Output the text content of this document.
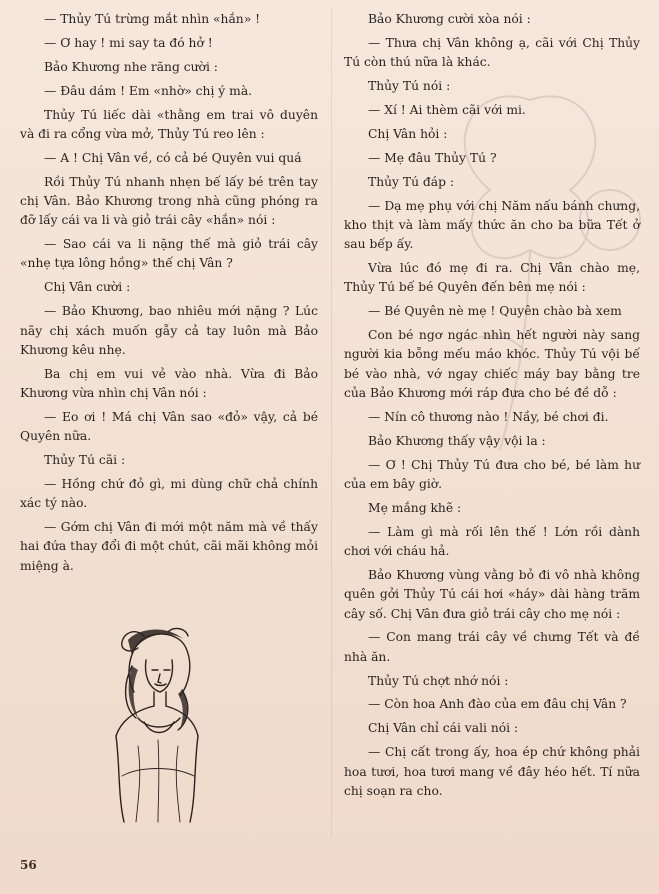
— Thủy Tú trừng mắt nhìn «hắn» !

— Ơ hay ! mi say ta đó hở !

Bảo Khương nhe răng cười :

— Đâu dám ! Em «nhờ» chị ý mà.

Thủy Tú liếc dài «thằng em trai vô duyên và đi ra cổng vừa mở, Thủy Tú reo lên :

— A ! Chị Vân về, có cả bé Quyên vui quá

Rồi Thủy Tú nhanh nhẹn bế lấy bé trên tay chị Vân. Bảo Khương trong nhà cũng phóng ra đỡ lấy cái va li và giỏ trái cây «hắn» nói :

— Sao cái va li nặng thế mà giỏ trái cây «nhẹ tựa lông hồng» thế chị Vân ?

Chị Vân cười :

— Bảo Khương, bao nhiêu mới nặng ? Lúc nãy chị xách muốn gẫy cả tay luôn mà Bảo Khương kêu nhẹ.

Ba chị em vui vẻ vào nhà. Vừa đi Bảo Khương vừa nhìn chị Vân nói :

— Eo ơi ! Má chị Vân sao «đỏ» vậy, cả bé Quyên nữa.

Thủy Tú cãi :

— Hồng chứ đỏ gì, mi dùng chữ chả chính xác tý nào.

— Gớm chị Vân đi mới một năm mà về thấy hai đứa thay đổi đi một chút, cãi mãi không mỏi miệng à.

Bảo Khương cười xòa nói :

— Thưa chị Vân không ạ, cãi với Chị Thủy Tú còn thú nữa là khác.

Thủy Tú nói :

— Xí ! Ai thèm cãi với mi.

Chị Vân hỏi :

— Mẹ đâu Thủy Tú ?

Thủy Tú đáp :

— Dạ mẹ phụ với chị Năm nấu bánh chưng, kho thịt và làm mấy thức ăn cho ba bữa Tết ở sau bếp ấy.

Vừa lúc đó mẹ đi ra. Chị Vân chào mẹ, Thủy Tú bế bé Quyên đến bên mẹ nói :

— Bé Quyên nè mẹ ! Quyên chào bà xem

Con bé ngơ ngác nhìn hết người này sang người kia bỗng mếu máo khóc. Thủy Tú vội bế bé vào nhà, vớ ngay chiếc máy bay bằng tre của Bảo Khương mới ráp đưa cho bé đề dỗ :

— Nín cô thương nào ! Nầy, bé chơi đi.

Bảo Khương thấy vậy vội la :

— Ơ ! Chị Thủy Tú đưa cho bé, bé làm hư của em bây giờ.

Mẹ mắng khẽ :

— Làm gì mà rối lên thế ! Lớn rồi dành chơi với cháu hả.

Bảo Khương vùng vằng bỏ đi vô nhà không quên gởi Thủy Tú cái hơi «háy» dài hàng trăm cây số. Chị Vân đưa giỏ trái cây cho mẹ nói :

— Con mang trái cây về chưng Tết và đề nhà ăn.

Thủy Tú chợt nhớ nói :

— Còn hoa Anh đào của em đâu chị Vân ?

Chị Vân chỉ cái vali nói :

— Chị cất trong ấy, hoa ép chứ không phải hoa tươi, hoa tươi mang về đây héo hết. Tí nữa chị soạn ra cho.

56
